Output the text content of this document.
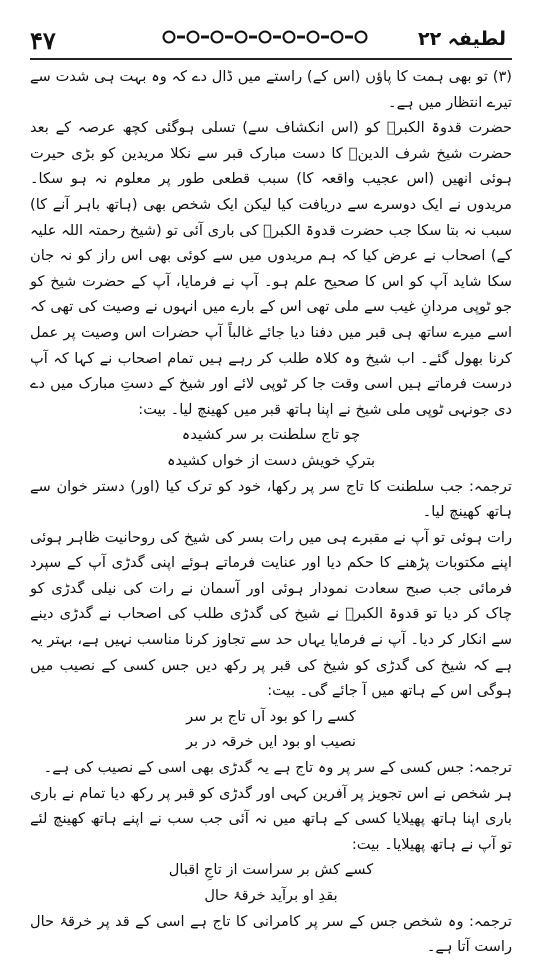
۴۷	لطیفہ ۲۲

(۳) تو بھی ہمت کا پاؤں (اس کے) راستے میں ڈال دے کہ وہ بہت ہی شدت سے تیرے انتظار میں ہے۔

حضرت قدوۃ الکبرؒ کو (اس انکشاف سے) تسلی ہوگئی کچھ عرصہ کے بعد حضرت شیخ شرف الدینؒ کا دست مبارک قبر سے نکلا مریدین کو بڑی حیرت ہوئی انھیں (اس عجیب واقعہ کا) سبب قطعی طور پر معلوم نہ ہو سکا۔ مریدوں نے ایک دوسرے سے دریافت کیا لیکن ایک شخص بھی (ہاتھ باہر آنے کا) سبب نہ بتا سکا جب حضرت قدوۃ الکبرؒ کی باری آئی تو (شیخ رحمتہ اللہ علیہ کے) اصحاب نے عرض کیا کہ ہم مریدوں میں سے کوئی بھی اس راز کو نہ جان سکا شاید آپ کو اس کا صحیح علم ہو۔ آپ نے فرمایا، آپ کے حضرت شیخ کو جو ٹوپی مردانِ غیب سے ملی تھی اس کے بارے میں انہوں نے وصیت کی تھی کہ اسے میرے ساتھ ہی قبر میں دفنا دیا جائے غالباً آپ حضرات اس وصیت پر عمل کرنا بھول گئے۔ اب شیخ وہ کلاہ طلب کر رہے ہیں تمام اصحاب نے کہا کہ آپ درست فرماتے ہیں اسی وقت جا کر ٹوپی لائے اور شیخ کے دستِ مبارک میں دے دی جونہی ٹوپی ملی شیخ نے اپنا ہاتھ قبر میں کھینچ لیا۔ بیت:

چو تاج سلطنت بر سر کشیدہ
بترکِ خویش دست از خواں کشیدہ

ترجمہ: جب سلطنت کا تاج سر پر رکھا، خود کو ترک کیا (اور) دستر خوان سے ہاتھ کھینچ لیا۔

رات ہوئی تو آپ نے مقبرے ہی میں رات بسر کی شیخ کی روحانیت ظاہر ہوئی اپنے مکتوبات پڑھنے کا حکم دیا اور عنایت فرماتے ہوئے اپنی گدڑی آپ کے سپرد فرمائی جب صبح سعادت نمودار ہوئی اور آسمان نے رات کی نیلی گدڑی کو چاک کر دیا تو قدوۃ الکبرؒ نے شیخ کی گدڑی طلب کی اصحاب نے گدڑی دینے سے انکار کر دیا۔ آپ نے فرمایا یہاں حد سے تجاوز کرنا مناسب نہیں ہے، بہتر یہ ہے کہ شیخ کی گدڑی کو شیخ کی قبر پر رکھ دیں جس کسی کے نصیب میں ہوگی اس کے ہاتھ میں آ جائے گی۔ بیت:

کسے را کو بود آں تاج بر سر
نصیب او بود ایں خرقہ در بر

ترجمہ: جس کسی کے سر پر وہ تاج ہے یہ گدڑی بھی اسی کے نصیب کی ہے۔

ہر شخص نے اس تجویز پر آفرین کہی اور گدڑی کو قبر پر رکھ دیا تمام نے باری باری اپنا ہاتھ پھیلایا کسی کے ہاتھ میں نہ آئی جب سب نے اپنے ہاتھ کھینچ لئے تو آپ نے ہاتھ پھیلایا۔ بیت:

کسے کش بر سراست از تاجِ اقبال
بقدِ او برآید خرقۂ حال

ترجمہ: وہ شخص جس کے سر پر کامرانی کا تاج ہے اسی کے قد پر خرقۂ حال راست آتا ہے۔
